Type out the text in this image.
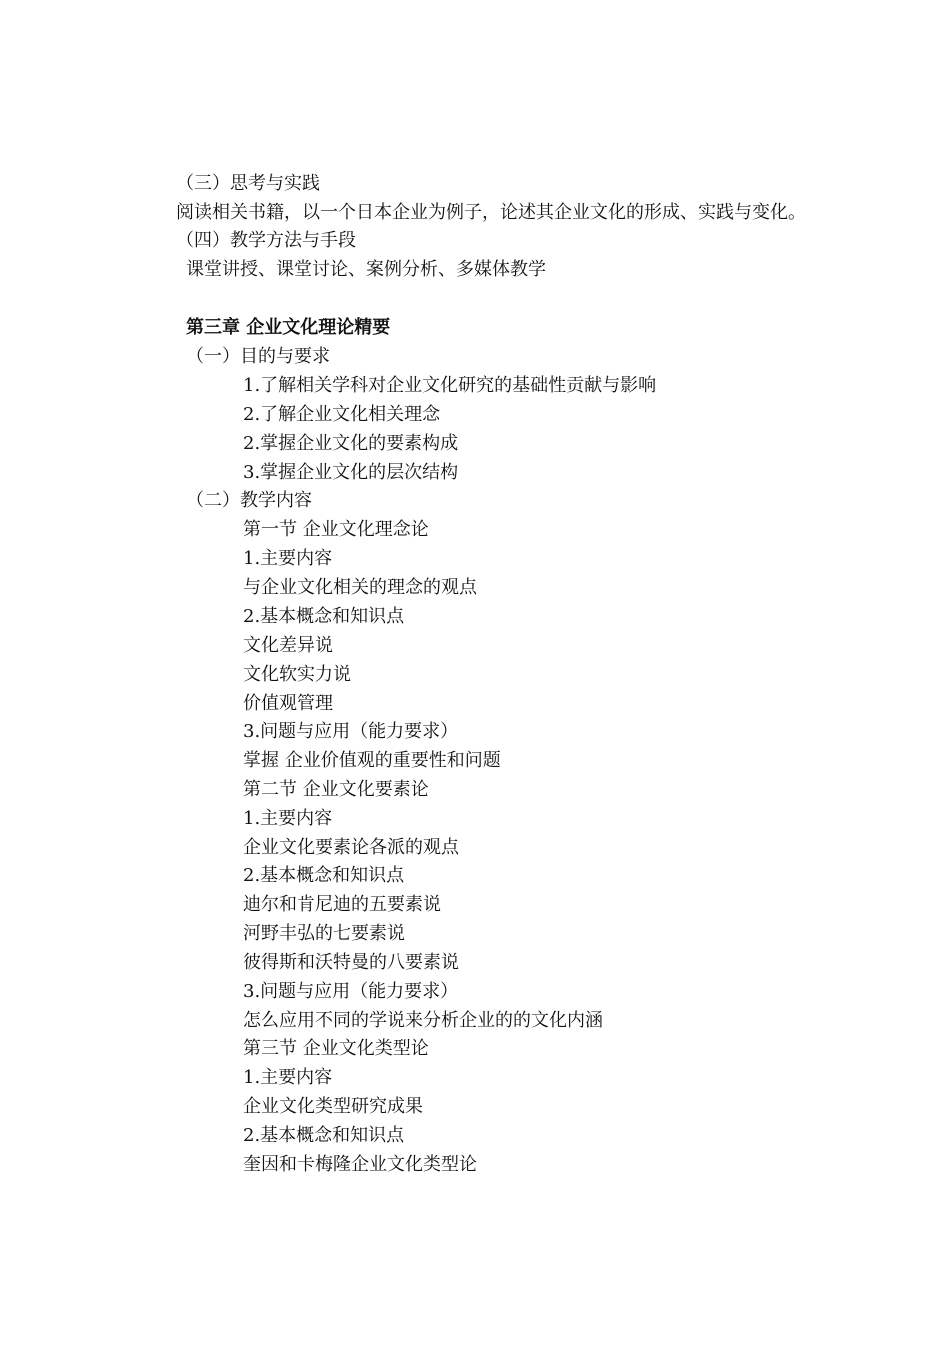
（三）思考与实践
阅读相关书籍，以一个日本企业为例子，论述其企业文化的形成、实践与变化。
（四）教学方法与手段
课堂讲授、课堂讨论、案例分析、多媒体教学
第三章 企业文化理论精要
（一）目的与要求
1.了解相关学科对企业文化研究的基础性贡献与影响
2.了解企业文化相关理念
2.掌握企业文化的要素构成
3.掌握企业文化的层次结构
（二）教学内容
第一节 企业文化理念论
1.主要内容
与企业文化相关的理念的观点
2.基本概念和知识点
文化差异说
文化软实力说
价值观管理
3.问题与应用（能力要求）
掌握 企业价值观的重要性和问题
第二节 企业文化要素论
1.主要内容
企业文化要素论各派的观点
2.基本概念和知识点
迪尔和肯尼迪的五要素说
河野丰弘的七要素说
彼得斯和沃特曼的八要素说
3.问题与应用（能力要求）
怎么应用不同的学说来分析企业的的文化内涵
第三节 企业文化类型论
1.主要内容
企业文化类型研究成果
2.基本概念和知识点
奎因和卡梅隆企业文化类型论
